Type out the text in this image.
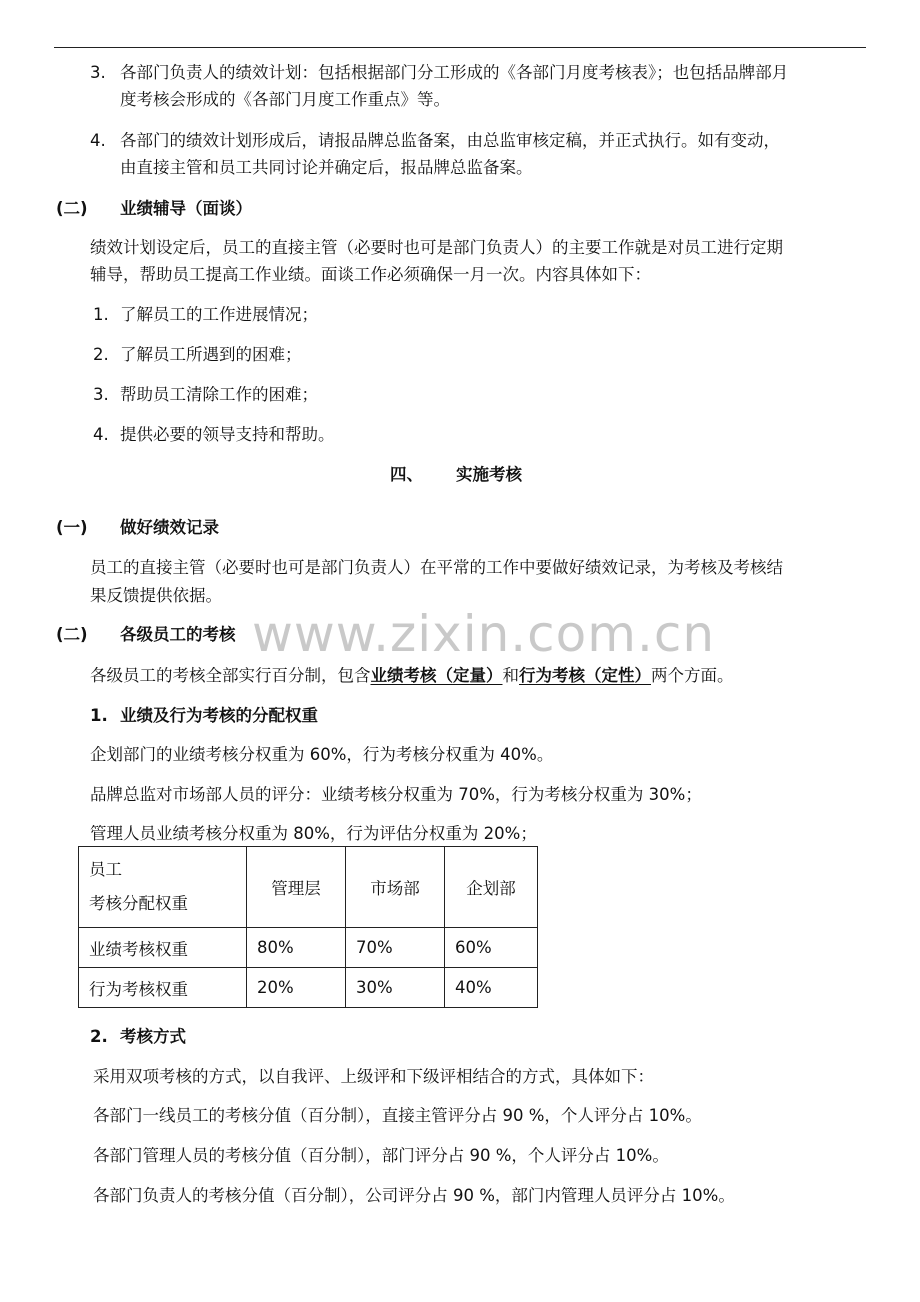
3. 各部门负责人的绩效计划：包括根据部门分工形成的《各部门月度考核表》；也包括品牌部月
度考核会形成的《各部门月度工作重点》等。
4. 各部门的绩效计划形成后，请报品牌总监备案，由总监审核定稿，并正式执行。如有变动，
由直接主管和员工共同讨论并确定后，报品牌总监备案。
(二) 业绩辅导（面谈）
绩效计划设定后，员工的直接主管（必要时也可是部门负责人）的主要工作就是对员工进行定期
辅导，帮助员工提高工作业绩。面谈工作必须确保一月一次。内容具体如下：
1. 了解员工的工作进展情况；
2. 了解员工所遇到的困难；
3. 帮助员工清除工作的困难；
4. 提供必要的领导支持和帮助。
四、 实施考核
(一) 做好绩效记录
员工的直接主管（必要时也可是部门负责人）在平常的工作中要做好绩效记录，为考核及考核结
果反馈提供依据。
www.zixin.com.cn
(二) 各级员工的考核
各级员工的考核全部实行百分制，包含业绩考核（定量）和行为考核（定性）两个方面。
1. 业绩及行为考核的分配权重
企划部门的业绩考核分权重为 60%，行为考核分权重为 40%。
品牌总监对市场部人员的评分：业绩考核分权重为 70%，行为考核分权重为 30%；
管理人员业绩考核分权重为 80%，行为评估分权重为 20%；
员工
考核分配权重	管理层	市场部	企划部
业绩考核权重	80%	70%	60%
行为考核权重	20%	30%	40%
2. 考核方式
采用双项考核的方式，以自我评、上级评和下级评相结合的方式，具体如下：
各部门一线员工的考核分值（百分制），直接主管评分占 90 %，个人评分占 10%。
各部门管理人员的考核分值（百分制），部门评分占 90 %，个人评分占 10%。
各部门负责人的考核分值（百分制），公司评分占 90 %，部门内管理人员评分占 10%。
